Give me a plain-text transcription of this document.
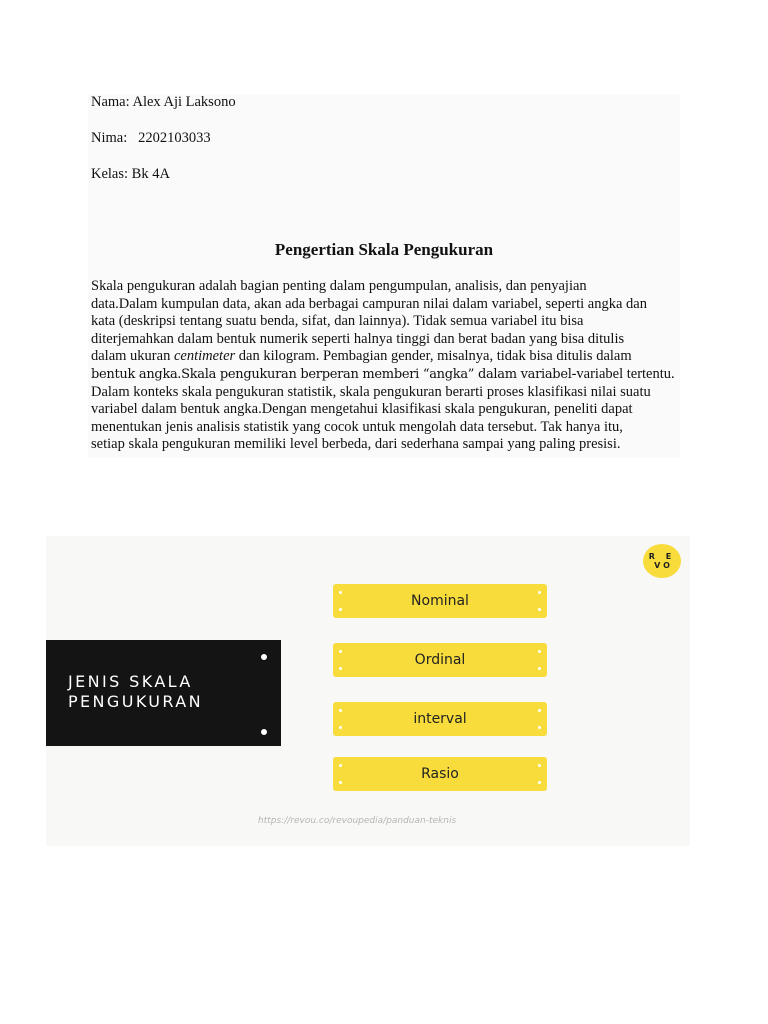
Nama: Alex Aji Laksono
Nima:   2202103033
Kelas: Bk 4A
Pengertian Skala Pengukuran
Skala pengukuran adalah bagian penting dalam pengumpulan, analisis, dan penyajian
data.Dalam kumpulan data, akan ada berbagai campuran nilai dalam variabel, seperti angka dan
kata (deskripsi tentang suatu benda, sifat, dan lainnya). Tidak semua variabel itu bisa
diterjemahkan dalam bentuk numerik seperti halnya tinggi dan berat badan yang bisa ditulis
dalam ukuran centimeter dan kilogram. Pembagian gender, misalnya, tidak bisa ditulis dalam
bentuk angka.Skala pengukuran berperan memberi “angka” dalam variabel-variabel tertentu.
Dalam konteks skala pengukuran statistik, skala pengukuran berarti proses klasifikasi nilai suatu
variabel dalam bentuk angka.Dengan mengetahui klasifikasi skala pengukuran, peneliti dapat
menentukan jenis analisis statistik yang cocok untuk mengolah data tersebut. Tak hanya itu,
setiap skala pengukuran memiliki level berbeda, dari sederhana sampai yang paling presisi.
R E
V O
JENIS SKALA
PENGUKURAN
Nominal
Ordinal
interval
Rasio
https://revou.co/revoupedia/panduan-teknis
